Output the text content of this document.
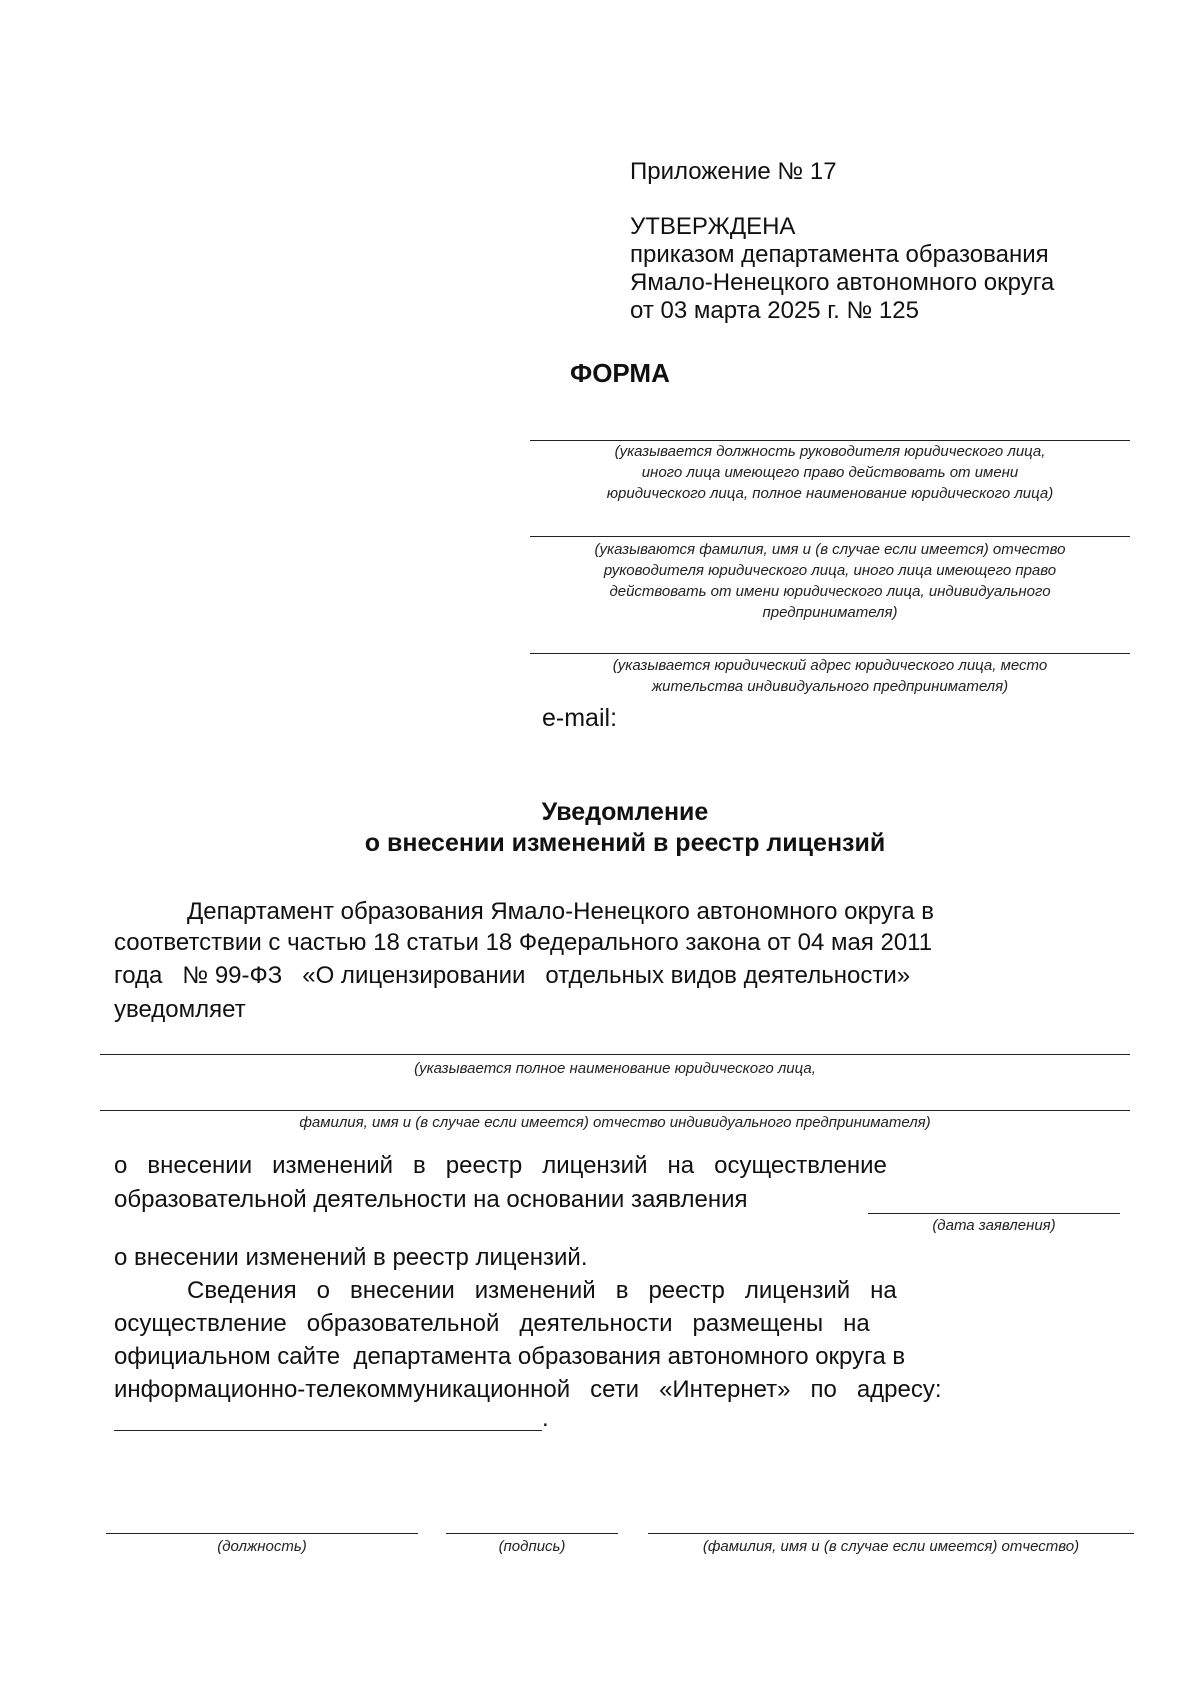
Приложение № 17
УТВЕРЖДЕНА
приказом департамента образования
Ямало-Ненецкого автономного округа
от 03 марта 2025 г. № 125
ФОРМА
(указывается должность руководителя юридического лица,
иного лица имеющего право действовать от имени
юридического лица, полное наименование юридического лица)
(указываются фамилия, имя и (в случае если имеется) отчество
руководителя юридического лица, иного лица имеющего право
действовать от имени юридического лица, индивидуального
предпринимателя)
(указывается юридический адрес юридического лица, место
жительства индивидуального предпринимателя)
e-mail:
Уведомление
о внесении изменений в реестр лицензий
Департамент образования Ямало-Ненецкого автономного округа в
соответствии с частью 18 статьи 18 Федерального закона от 04 мая 2011
года   № 99-ФЗ   «О лицензировании   отдельных видов деятельности»
уведомляет
(указывается полное наименование юридического лица,
фамилия, имя и (в случае если имеется) отчество индивидуального предпринимателя)
о   внесении   изменений   в   реестр   лицензий   на   осуществление
образовательной деятельности на основании заявления
(дата заявления)
о внесении изменений в реестр лицензий.
Сведения   о   внесении   изменений   в   реестр   лицензий   на
осуществление   образовательной   деятельности   размещены   на
официальном сайте  департамента образования автономного округа в
информационно-телекоммуникационной   сети   «Интернет»   по   адресу:
.
(должность)	(подпись)	(фамилия, имя и (в случае если имеется) отчество)
